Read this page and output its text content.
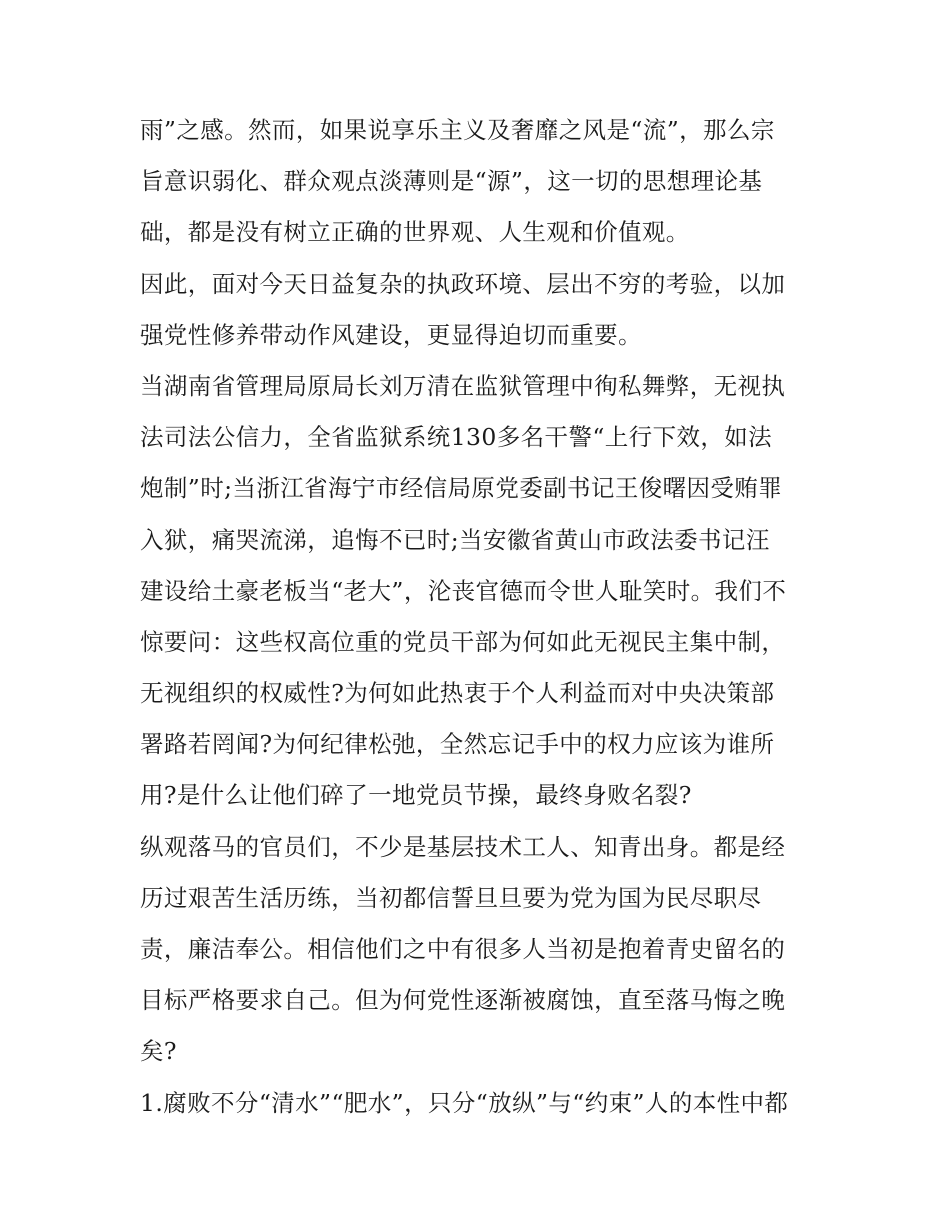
雨”之感。然而，如果说享乐主义及奢靡之风是“流”，那么宗
旨意识弱化、群众观点淡薄则是“源”，这一切的思想理论基
础，都是没有树立正确的世界观、人生观和价值观。
因此，面对今天日益复杂的执政环境、层出不穷的考验，以加
强党性修养带动作风建设，更显得迫切而重要。
当湖南省管理局原局长刘万清在监狱管理中徇私舞弊，无视执
法司法公信力，全省监狱系统130多名干警“上行下效，如法
炮制”时;当浙江省海宁市经信局原党委副书记王俊曙因受贿罪
入狱，痛哭流涕，追悔不已时;当安徽省黄山市政法委书记汪
建设给土豪老板当“老大”，沦丧官德而令世人耻笑时。我们不
惊要问：这些权高位重的党员干部为何如此无视民主集中制，
无视组织的权威性?为何如此热衷于个人利益而对中央决策部
署路若罔闻?为何纪律松弛，全然忘记手中的权力应该为谁所
用?是什么让他们碎了一地党员节操，最终身败名裂?
纵观落马的官员们，不少是基层技术工人、知青出身。都是经
历过艰苦生活历练，当初都信誓旦旦要为党为国为民尽职尽
责，廉洁奉公。相信他们之中有很多人当初是抱着青史留名的
目标严格要求自己。但为何党性逐渐被腐蚀，直至落马悔之晚
矣?
1.腐败不分“清水”“肥水”，只分“放纵”与“约束”人的本性中都
